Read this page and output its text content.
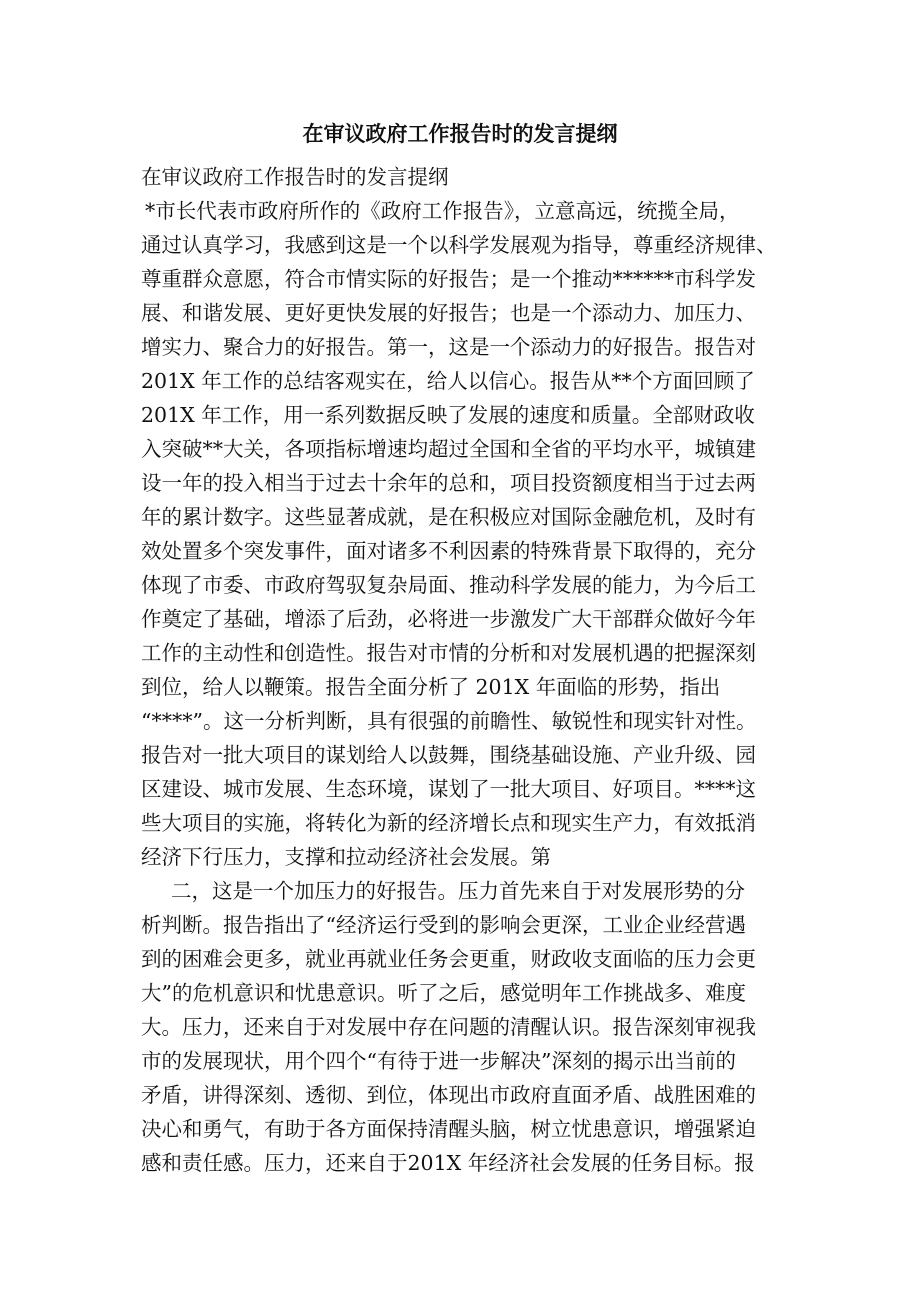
在审议政府工作报告时的发言提纲
在审议政府工作报告时的发言提纲
*市长代表市政府所作的《政府工作报告》，立意高远，统揽全局，
通过认真学习，我感到这是一个以科学发展观为指导，尊重经济规律、
尊重群众意愿，符合市情实际的好报告；是一个推动******市科学发
展、和谐发展、更好更快发展的好报告；也是一个添动力、加压力、
增实力、聚合力的好报告。第一，这是一个添动力的好报告。报告对
201X 年工作的总结客观实在，给人以信心。报告从**个方面回顾了
201X 年工作，用一系列数据反映了发展的速度和质量。全部财政收
入突破**大关，各项指标增速均超过全国和全省的平均水平，城镇建
设一年的投入相当于过去十余年的总和，项目投资额度相当于过去两
年的累计数字。这些显著成就，是在积极应对国际金融危机，及时有
效处置多个突发事件，面对诸多不利因素的特殊背景下取得的，充分
体现了市委、市政府驾驭复杂局面、推动科学发展的能力，为今后工
作奠定了基础，增添了后劲，必将进一步激发广大干部群众做好今年
工作的主动性和创造性。报告对市情的分析和对发展机遇的把握深刻
到位，给人以鞭策。报告全面分析了 201X 年面临的形势，指出
“****”。这一分析判断，具有很强的前瞻性、敏锐性和现实针对性。
报告对一批大项目的谋划给人以鼓舞，围绕基础设施、产业升级、园
区建设、城市发展、生态环境，谋划了一批大项目、好项目。****这
些大项目的实施，将转化为新的经济增长点和现实生产力，有效抵消
经济下行压力，支撑和拉动经济社会发展。第
二，这是一个加压力的好报告。压力首先来自于对发展形势的分
析判断。报告指出了“经济运行受到的影响会更深，工业企业经营遇
到的困难会更多，就业再就业任务会更重，财政收支面临的压力会更
大”的危机意识和忧患意识。听了之后，感觉明年工作挑战多、难度
大。压力，还来自于对发展中存在问题的清醒认识。报告深刻审视我
市的发展现状，用个四个“有待于进一步解决”深刻的揭示出当前的
矛盾，讲得深刻、透彻、到位，体现出市政府直面矛盾、战胜困难的
决心和勇气，有助于各方面保持清醒头脑，树立忧患意识，增强紧迫
感和责任感。压力，还来自于201X 年经济社会发展的任务目标。报
